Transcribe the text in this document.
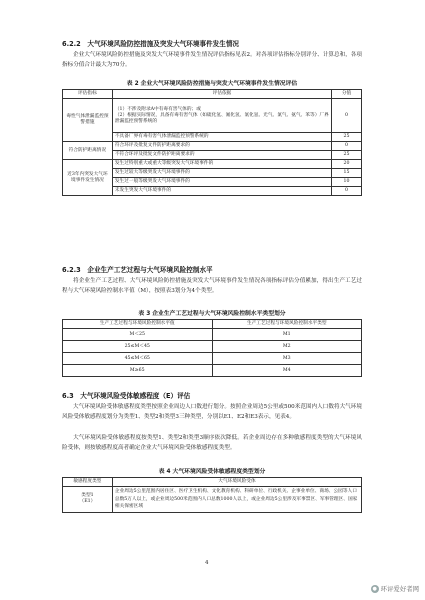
6.2.2　大气环境风险防控措施及突发大气环境事件发生情况
企业大气环境风险防控措施及突发大气环境事件发生情况评估指标见表2。对各项评估指标分别评分、计算总和，各项指标分值合计最大为70分。
表 2 企业大气环境风险防控措施与突发大气环境事件发生情况评估
评估指标	评估依据	分值
毒性气体泄漏监控预警措施	（1）不涉及附录A中有毒有害气体的；或
（2）根据实际情况，具备有毒有害气体（如硫化氢、氰化氢、氯化氢、光气、氯气、氨气、苯等）厂界泄漏监控预警系统的	0
	不具备厂界有毒有害气体泄漏监控预警系统的	25
符合防护距离情况	符合环评及批复文件防护距离要求的	0
	不符合环评及批复文件防护距离要求的	25
近3年内突发大气环境事件发生情况	发生过特别重大或重大等级突发大气环境事件的	20
	发生过较大等级突发大气环境事件的	15
	发生过一般等级突发大气环境事件的	10
	未发生突发大气环境事件的	0
6.2.3　企业生产工艺过程与大气环境风险控制水平
将企业生产工艺过程、大气环境风险防控措施及突发大气环境事件发生情况各项指标评估分值累加，得出生产工艺过程与大气环境风险控制水平值（M），按照表3划分为4个类型。
表 3 企业生产工艺过程与大气环境风险控制水平类型划分
生产工艺过程与环境风险控制水平值	生产工艺过程与环境风险控制水平类型
M＜25	M1
25≤M＜45	M2
45≤M＜65	M3
M≥65	M4
6.3　大气环境风险受体敏感程度（E）评估
大气环境风险受体敏感程度类型按照企业周边人口数进行划分。按照企业周边5公里或500米范围内人口数将大气环境风险受体敏感程度划分为类型1、类型2和类型3三种类型，分别以E1、E2和E3表示，见表4。
大气环境风险受体敏感程度按类型1、类型2和类型3顺序依次降低。若企业周边存在多种敏感程度类型的大气环境风险受体，则按敏感程度高者确定企业大气环境风险受体敏感程度类型。
表 4 大气环境风险受体敏感程度类型划分
敏感程度类型	大气环境风险受体
类型1
（E1）	企业周边5公里范围内居住区、医疗卫生机构、文化教育机构、科研单位、行政机关、企事业单位、商场、公园等人口总数5万人以上，或企业周边500米范围内人口总数1000人以上，或企业周边5公里涉及军事禁区、军事管理区、国家相关保密区域
4
● 环评爱好者网
